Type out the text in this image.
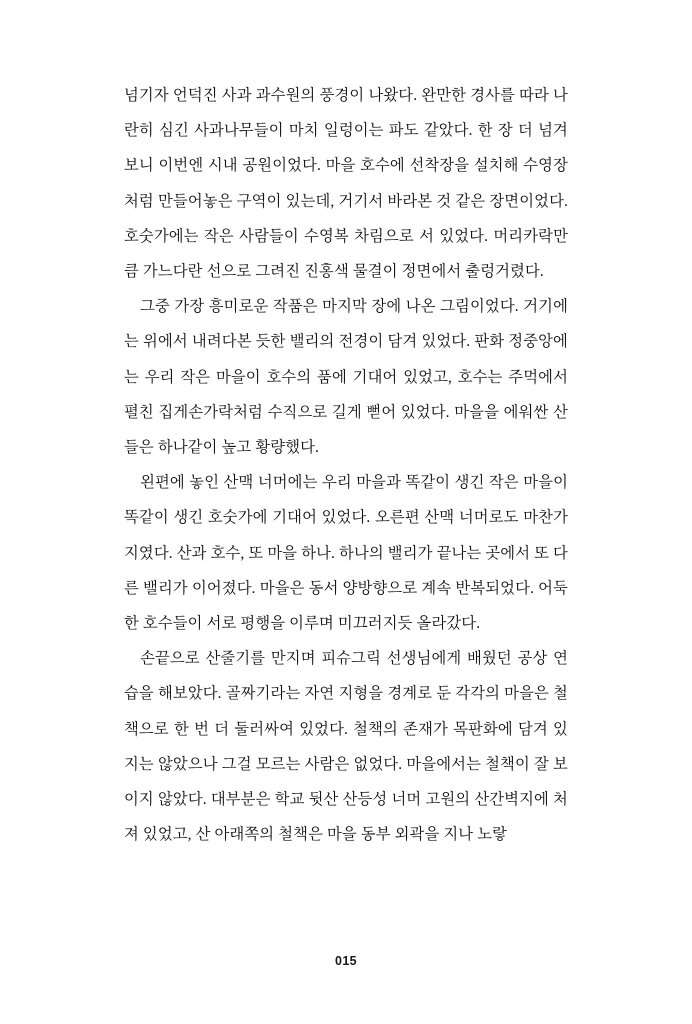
넘기자 언덕진 사과 과수원의 풍경이 나왔다. 완만한 경사를 따라 나란히 심긴 사과나무들이 마치 일렁이는 파도 같았다. 한 장 더 넘겨 보니 이번엔 시내 공원이었다. 마을 호수에 선착장을 설치해 수영장처럼 만들어놓은 구역이 있는데, 거기서 바라본 것 같은 장면이었다. 호숫가에는 작은 사람들이 수영복 차림으로 서 있었다. 머리카락만큼 가느다란 선으로 그려진 진홍색 물결이 정면에서 출렁거렸다.

그중 가장 흥미로운 작품은 마지막 장에 나온 그림이었다. 거기에는 위에서 내려다본 듯한 밸리의 전경이 담겨 있었다. 판화 정중앙에는 우리 작은 마을이 호수의 품에 기대어 있었고, 호수는 주먹에서 펼친 집게손가락처럼 수직으로 길게 뻗어 있었다. 마을을 에워싼 산들은 하나같이 높고 황량했다.

왼편에 놓인 산맥 너머에는 우리 마을과 똑같이 생긴 작은 마을이 똑같이 생긴 호숫가에 기대어 있었다. 오른편 산맥 너머로도 마찬가지였다. 산과 호수, 또 마을 하나. 하나의 밸리가 끝나는 곳에서 또 다른 밸리가 이어졌다. 마을은 동서 양방향으로 계속 반복되었다. 어둑한 호수들이 서로 평행을 이루며 미끄러지듯 올라갔다.

손끝으로 산줄기를 만지며 피슈그릭 선생님에게 배웠던 공상 연습을 해보았다. 골짜기라는 자연 지형을 경계로 둔 각각의 마을은 철책으로 한 번 더 둘러싸여 있었다. 철책의 존재가 목판화에 담겨 있지는 않았으나 그걸 모르는 사람은 없었다. 마을에서는 철책이 잘 보이지 않았다. 대부분은 학교 뒷산 산등성 너머 고원의 산간벽지에 처져 있었고, 산 아래쪽의 철책은 마을 동부 외곽을 지나 노랗

015
